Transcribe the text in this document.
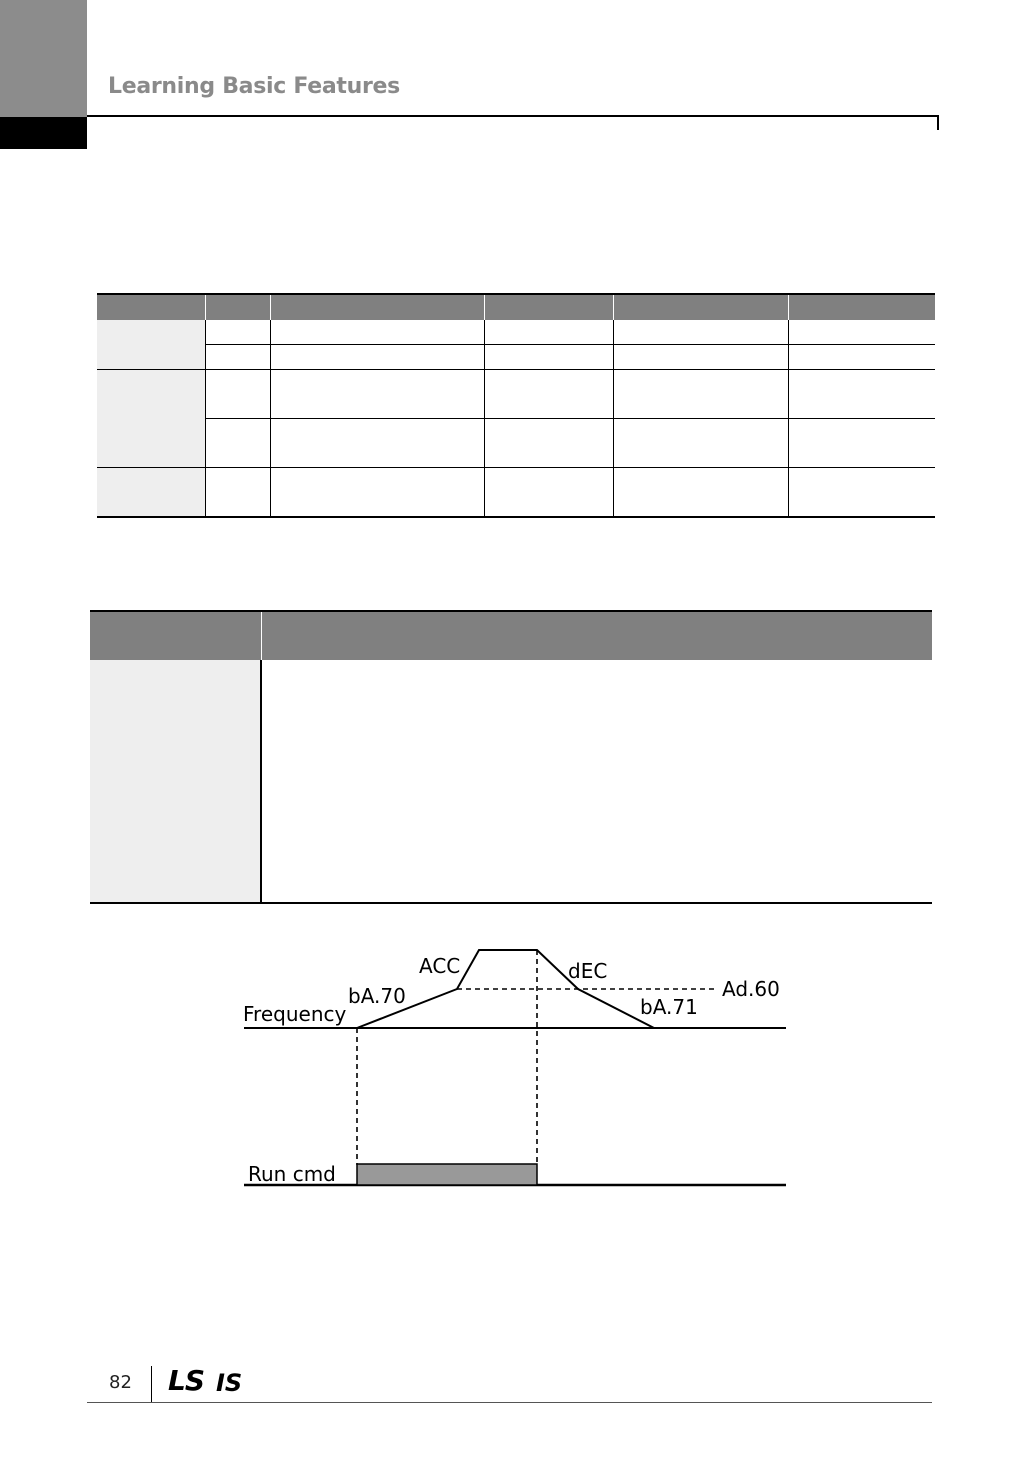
Learning Basic Features

ACC	dEC
bA.70	bA.71
Ad.60
Frequency
Run cmd
82 LS IS
